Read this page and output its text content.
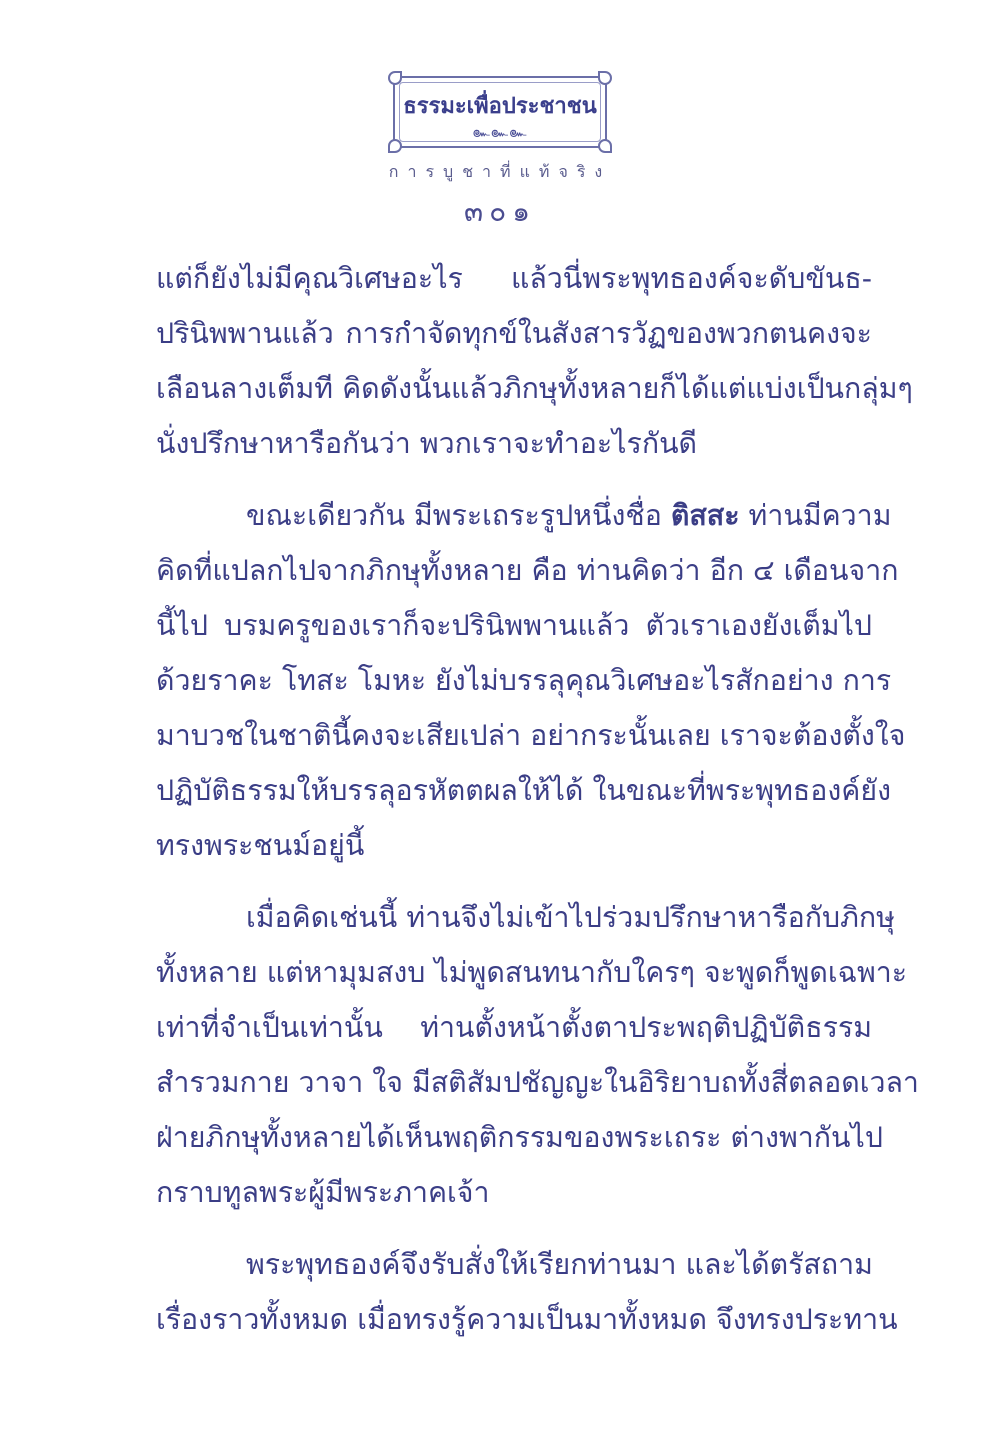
ธรรมะเพื่อประชาชน
๛๛๛
การบูชาที่แท้จริง
๓๐๑
แต่ก็ยังไม่มีคุณวิเศษอะไร แล้วนี่พระพุทธองค์จะดับขันธ-
ปรินิพพานแล้ว การกำจัดทุกข์ในสังสารวัฏของพวกตนคงจะ
เลือนลางเต็มที คิดดังนั้นแล้วภิกษุทั้งหลายก็ได้แต่แบ่งเป็นกลุ่มๆ
นั่งปรึกษาหารือกันว่า พวกเราจะทำอะไรกันดี
ขณะเดียวกัน มีพระเถระรูปหนึ่งชื่อ ติสสะ ท่านมีความ
คิดที่แปลกไปจากภิกษุทั้งหลาย คือ ท่านคิดว่า อีก ๔ เดือนจาก
นี้ไป บรมครูของเราก็จะปรินิพพานแล้ว ตัวเราเองยังเต็มไป
ด้วยราคะ โทสะ โมหะ ยังไม่บรรลุคุณวิเศษอะไรสักอย่าง การ
มาบวชในชาตินี้คงจะเสียเปล่า อย่ากระนั้นเลย เราจะต้องตั้งใจ
ปฏิบัติธรรมให้บรรลุอรหัตตผลให้ได้ ในขณะที่พระพุทธองค์ยัง
ทรงพระชนม์อยู่นี้
เมื่อคิดเช่นนี้ ท่านจึงไม่เข้าไปร่วมปรึกษาหารือกับภิกษุ
ทั้งหลาย แต่หามุมสงบ ไม่พูดสนทนากับใครๆ จะพูดก็พูดเฉพาะ
เท่าที่จำเป็นเท่านั้น ท่านตั้งหน้าตั้งตาประพฤติปฏิบัติธรรม
สำรวมกาย วาจา ใจ มีสติสัมปชัญญะในอิริยาบถทั้งสี่ตลอดเวลา
ฝ่ายภิกษุทั้งหลายได้เห็นพฤติกรรมของพระเถระ ต่างพากันไป
กราบทูลพระผู้มีพระภาคเจ้า
พระพุทธองค์จึงรับสั่งให้เรียกท่านมา และได้ตรัสถาม
เรื่องราวทั้งหมด เมื่อทรงรู้ความเป็นมาทั้งหมด จึงทรงประทาน
